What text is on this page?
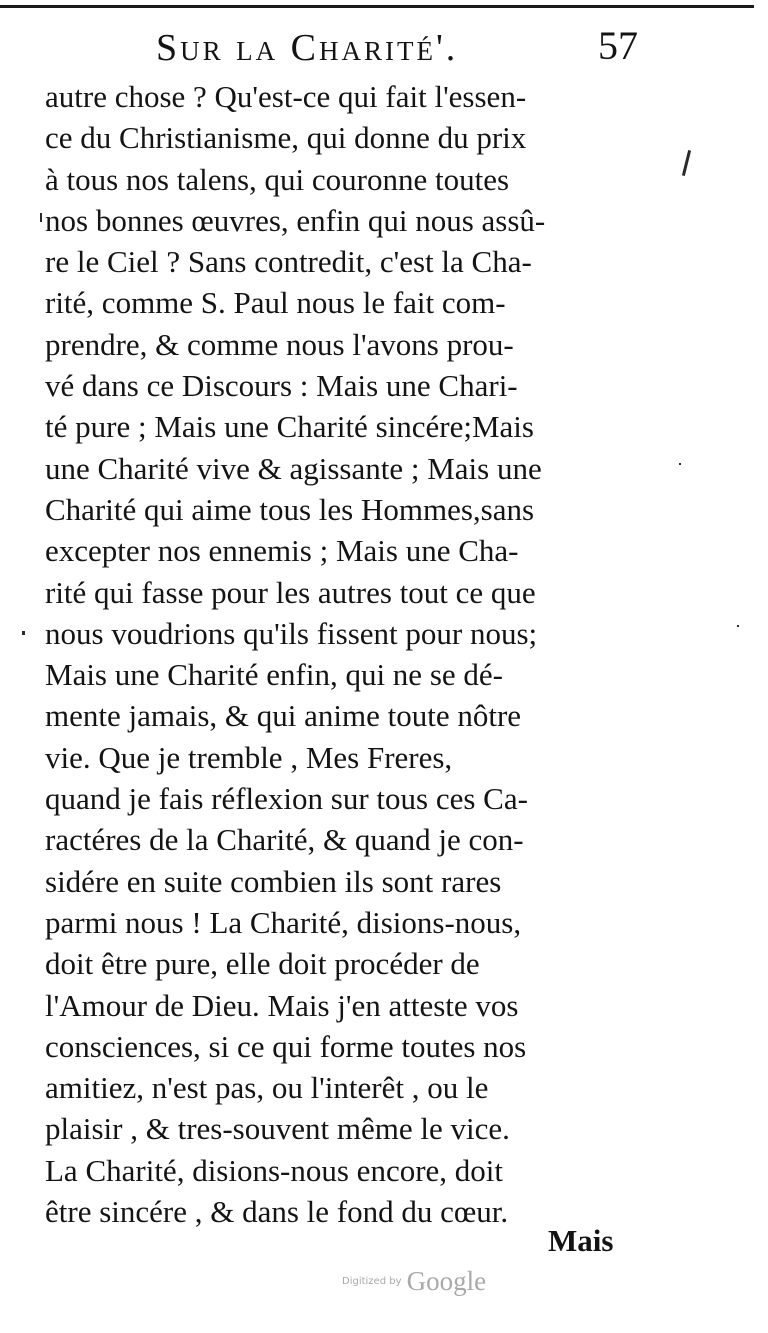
Sur la Charité'.	57
autre chose ? Qu'est-ce qui fait l'essen-
ce du Christianisme, qui donne du prix
à tous nos talens, qui couronne toutes
nos bonnes œuvres, enfin qui nous assû-
re le Ciel ? Sans contredit, c'est la Cha-
rité, comme S. Paul nous le fait com-
prendre, & comme nous l'avons prou-
vé dans ce Discours : Mais une Chari-
té pure ; Mais une Charité sincére;Mais
une Charité vive & agissante ; Mais une
Charité qui aime tous les Hommes,sans
excepter nos ennemis ; Mais une Cha-
rité qui fasse pour les autres tout ce que
nous voudrions qu'ils fissent pour nous;
Mais une Charité enfin, qui ne se dé-
mente jamais, & qui anime toute nôtre
vie. Que je tremble , Mes Freres,
quand je fais réflexion sur tous ces Ca-
ractéres de la Charité, & quand je con-
sidére en suite combien ils sont rares
parmi nous ! La Charité, disions-nous,
doit être pure, elle doit procéder de
l'Amour de Dieu. Mais j'en atteste vos
consciences, si ce qui forme toutes nos
amitiez, n'est pas, ou l'interêt , ou le
plaisir , & tres-souvent même le vice.
La Charité, disions-nous encore, doit
être sincére , & dans le fond du cœur.
Mais
Digitized by Google
